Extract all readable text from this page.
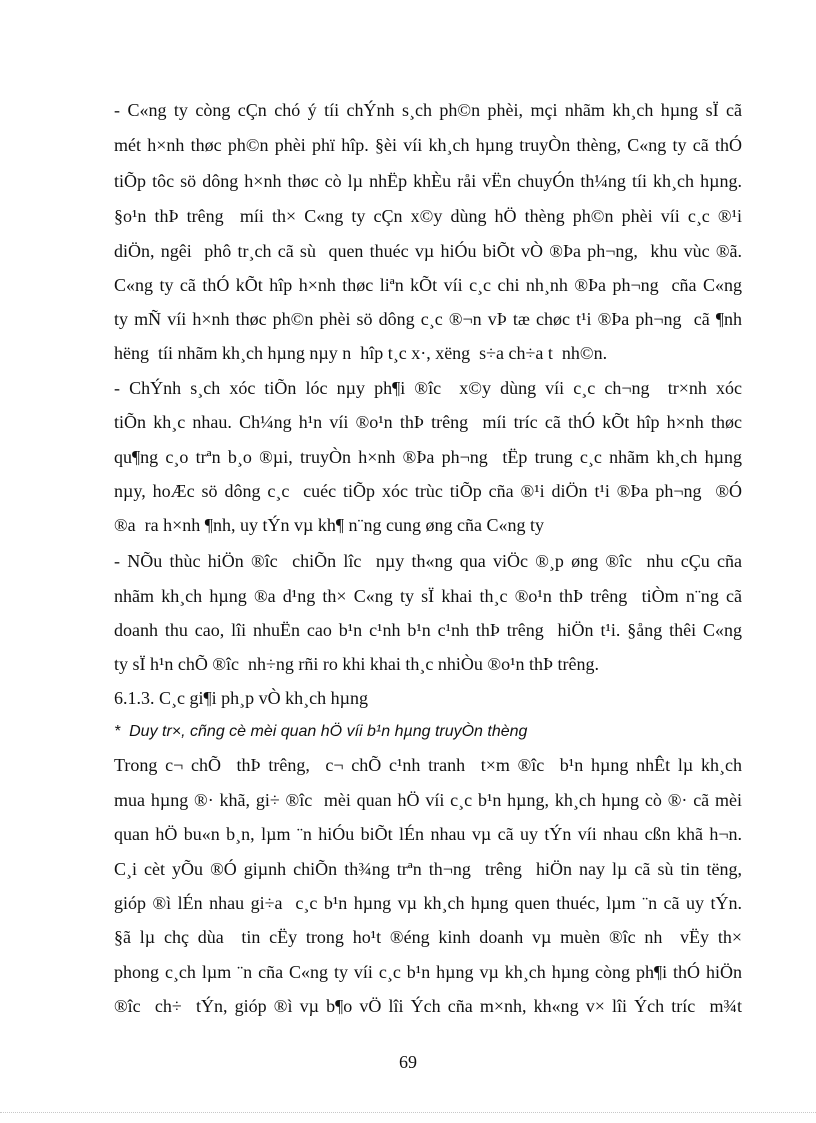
- C«ng ty còng cÇn chó ý tíi chÝnh s¸ch ph©n phèi, mçi nhãm kh¸ch hµng sÏ cã
mét h×nh thøc ph©n phèi phï hîp. §èi víi kh¸ch hµng truyÒn thèng, C«ng ty cã thÓ
tiÕp tôc sö dông h×nh thøc cò lµ nhËp khÈu råi vËn chuyÓn th¼ng tíi kh¸ch hµng.
§o¹n thÞ trêng  míi th× C«ng ty cÇn x©y dùng hÖ thèng ph©n phèi víi c¸c ®¹i
diÖn, ngêi  phô tr¸ch cã sù  quen thuéc vµ hiÓu biÕt vÒ ®Þa ph¬ng,  khu vùc ®ã.
C«ng ty cã thÓ kÕt hîp h×nh thøc liªn kÕt víi c¸c chi nh¸nh ®Þa ph¬ng  cña C«ng
ty mÑ víi h×nh thøc ph©n phèi sö dông c¸c ®¬n vÞ tæ chøc t¹i ®Þa ph¬ng  cã ¶nh
hëng  tíi nhãm kh¸ch hµng nµy n  hîp t¸c x·, xëng  s÷a ch÷a t  nh©n.
- ChÝnh s¸ch xóc tiÕn lóc nµy ph¶i ®îc  x©y dùng víi c¸c ch¬ng  tr×nh xóc
tiÕn kh¸c nhau. Ch¼ng h¹n víi ®o¹n thÞ trêng  míi tríc cã thÓ kÕt hîp h×nh thøc
qu¶ng c¸o trªn b¸o ®µi, truyÒn h×nh ®Þa ph¬ng  tËp trung c¸c nhãm kh¸ch hµng
nµy, hoÆc sö dông c¸c  cuéc tiÕp xóc trùc tiÕp cña ®¹i diÖn t¹i ®Þa ph¬ng  ®Ó
®a  ra h×nh ¶nh, uy tÝn vµ kh¶ n¨ng cung øng cña C«ng ty
- NÕu thùc hiÖn ®îc  chiÕn lîc  nµy th«ng qua viÖc ®¸p øng ®îc  nhu cÇu cña
nhãm kh¸ch hµng ®a d¹ng th× C«ng ty sÏ khai th¸c ®o¹n thÞ trêng  tiÒm n¨ng cã
doanh thu cao, lîi nhuËn cao b¹n c¹nh b¹n c¹nh thÞ trêng  hiÖn t¹i. §ång thêi C«ng
ty sÏ h¹n chÕ ®îc  nh÷ng rñi ro khi khai th¸c nhiÒu ®o¹n thÞ trêng.
6.1.3. C¸c gi¶i ph¸p vÒ kh¸ch hµng
*  Duy tr×, cñng cè mèi quan hÖ víi b¹n hµng truyÒn thèng
Trong c¬ chÕ  thÞ trêng,  c¬ chÕ c¹nh tranh  t×m ®îc  b¹n hµng nhÊt lµ kh¸ch
mua hµng ®· khã, gi÷ ®îc  mèi quan hÖ víi c¸c b¹n hµng, kh¸ch hµng cò ®· cã mèi
quan hÖ bu«n b¸n, lµm ¨n hiÓu biÕt lÉn nhau vµ cã uy tÝn víi nhau cßn khã h¬n.
C¸i cèt yÕu ®Ó giµnh chiÕn th¾ng trªn th¬ng  trêng  hiÖn nay lµ cã sù tin tëng,
gióp ®ì lÉn nhau gi÷a  c¸c b¹n hµng vµ kh¸ch hµng quen thuéc, lµm ¨n cã uy tÝn.
§ã lµ chç dùa  tin cËy trong ho¹t ®éng kinh doanh vµ muèn ®îc nh  vËy th×
phong c¸ch lµm ¨n cña C«ng ty víi c¸c b¹n hµng vµ kh¸ch hµng còng ph¶i thÓ hiÖn
®îc  ch÷  tÝn, gióp ®ì vµ b¶o vÖ lîi Ých cña m×nh, kh«ng v× lîi Ých tríc  m¾t
69
